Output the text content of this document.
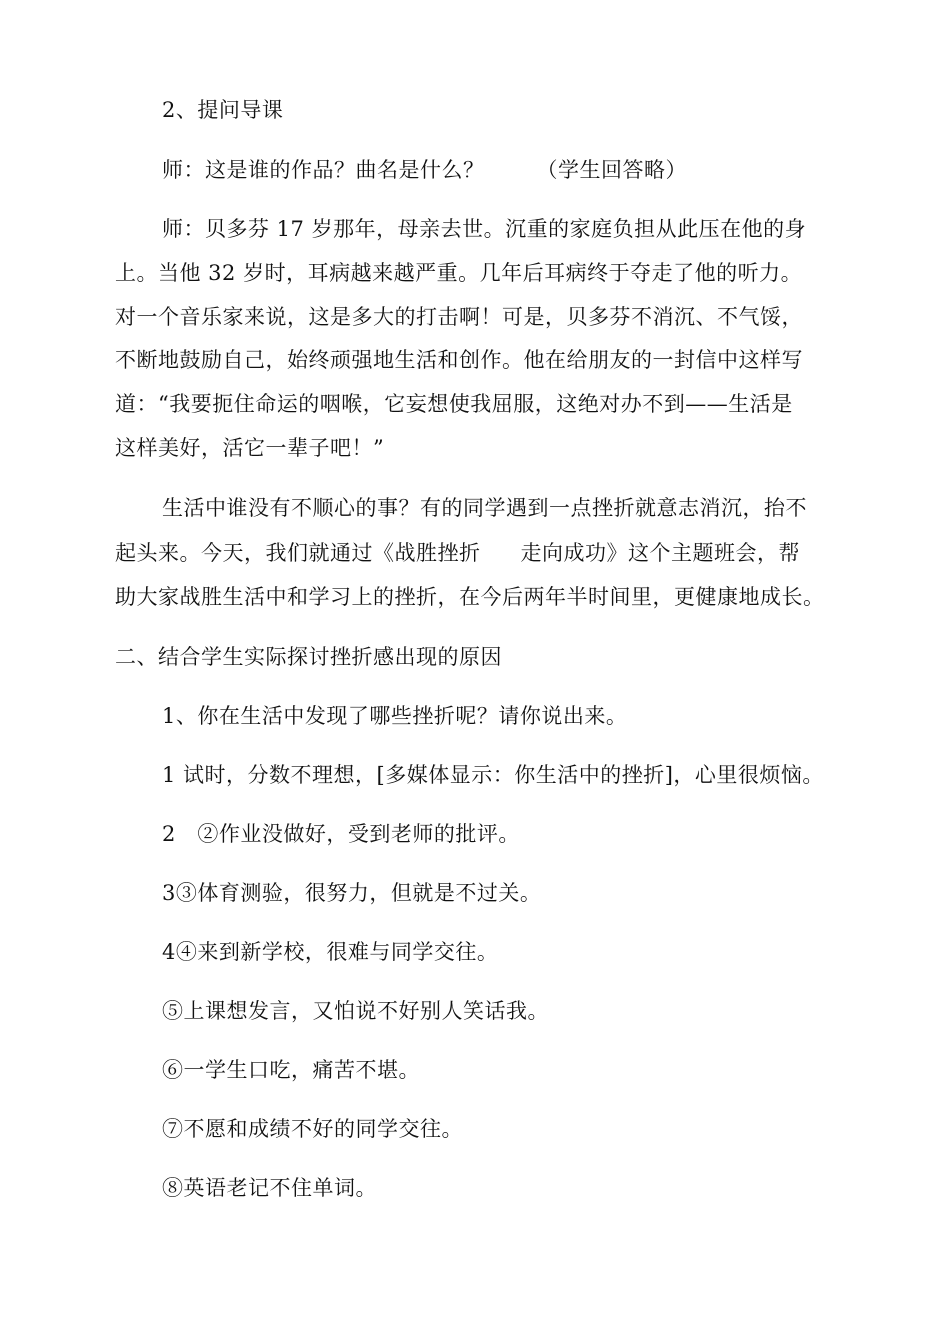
2、提问导课
师：这是谁的作品？曲名是什么？ （学生回答略）
师：贝多芬 17 岁那年，母亲去世。沉重的家庭负担从此压在他的身
上。当他 32 岁时，耳病越来越严重。几年后耳病终于夺走了他的听力。
对一个音乐家来说，这是多大的打击啊！可是，贝多芬不消沉、不气馁，
不断地鼓励自己，始终顽强地生活和创作。他在给朋友的一封信中这样写
道：“我要扼住命运的咽喉，它妄想使我屈服，这绝对办不到——生活是
这样美好，活它一辈子吧！”
生活中谁没有不顺心的事？有的同学遇到一点挫折就意志消沉，抬不
起头来。今天，我们就通过《战胜挫折 走向成功》这个主题班会，帮
助大家战胜生活中和学习上的挫折，在今后两年半时间里，更健康地成长。
二、结合学生实际探讨挫折感出现的原因
1、你在生活中发现了哪些挫折呢？请你说出来。
1 试时，分数不理想，[多媒体显示：你生活中的挫折]，心里很烦恼。
2　②作业没做好，受到老师的批评。
3③体育测验，很努力，但就是不过关。
4④来到新学校，很难与同学交往。
⑤上课想发言，又怕说不好别人笑话我。
⑥一学生口吃，痛苦不堪。
⑦不愿和成绩不好的同学交往。
⑧英语老记不住单词。
